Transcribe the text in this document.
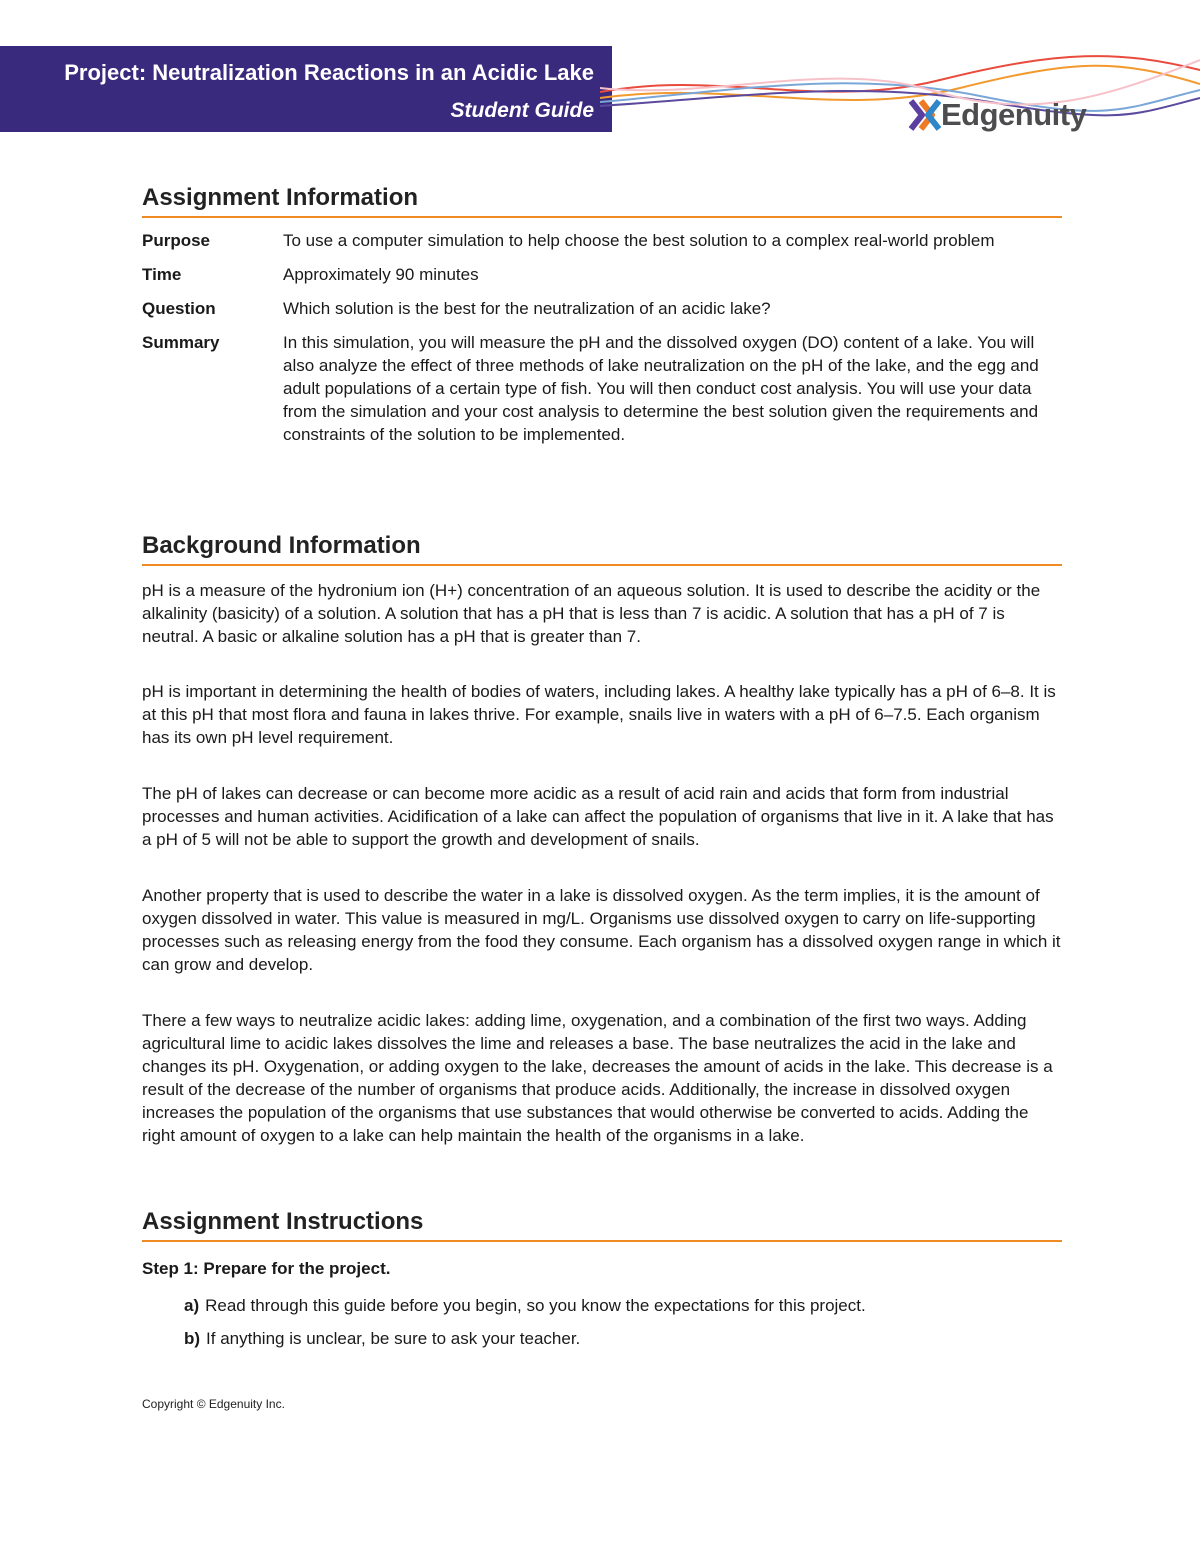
Project: Neutralization Reactions in an Acidic Lake
Student Guide	Edgenuity
Assignment Information
Purpose	To use a computer simulation to help choose the best solution to a complex real-world problem
Time	Approximately 90 minutes
Question	Which solution is the best for the neutralization of an acidic lake?
Summary	In this simulation, you will measure the pH and the dissolved oxygen (DO) content of a lake. You will also analyze the effect of three methods of lake neutralization on the pH of the lake, and the egg and adult populations of a certain type of fish. You will then conduct cost analysis. You will use your data from the simulation and your cost analysis to determine the best solution given the requirements and constraints of the solution to be implemented.
Background Information

pH is a measure of the hydronium ion (H+) concentration of an aqueous solution. It is used to describe the acidity or the alkalinity (basicity) of a solution. A solution that has a pH that is less than 7 is acidic. A solution that has a pH of 7 is neutral. A basic or alkaline solution has a pH that is greater than 7.

pH is important in determining the health of bodies of waters, including lakes. A healthy lake typically has a pH of 6–8. It is at this pH that most flora and fauna in lakes thrive. For example, snails live in waters with a pH of 6–7.5. Each organism has its own pH level requirement.

The pH of lakes can decrease or can become more acidic as a result of acid rain and acids that form from industrial processes and human activities. Acidification of a lake can affect the population of organisms that live in it. A lake that has a pH of 5 will not be able to support the growth and development of snails.

Another property that is used to describe the water in a lake is dissolved oxygen. As the term implies, it is the amount of oxygen dissolved in water. This value is measured in mg/L. Organisms use dissolved oxygen to carry on life-supporting processes such as releasing energy from the food they consume. Each organism has a dissolved oxygen range in which it can grow and develop.

There a few ways to neutralize acidic lakes: adding lime, oxygenation, and a combination of the first two ways. Adding agricultural lime to acidic lakes dissolves the lime and releases a base. The base neutralizes the acid in the lake and changes its pH. Oxygenation, or adding oxygen to the lake, decreases the amount of acids in the lake. This decrease is a result of the decrease of the number of organisms that produce acids. Additionally, the increase in dissolved oxygen increases the population of the organisms that use substances that would otherwise be converted to acids. Adding the right amount of oxygen to a lake can help maintain the health of the organisms in a lake.

Assignment Instructions
Step 1: Prepare for the project.
a) Read through this guide before you begin, so you know the expectations for this project.
b) If anything is unclear, be sure to ask your teacher.
Copyright © Edgenuity Inc.
